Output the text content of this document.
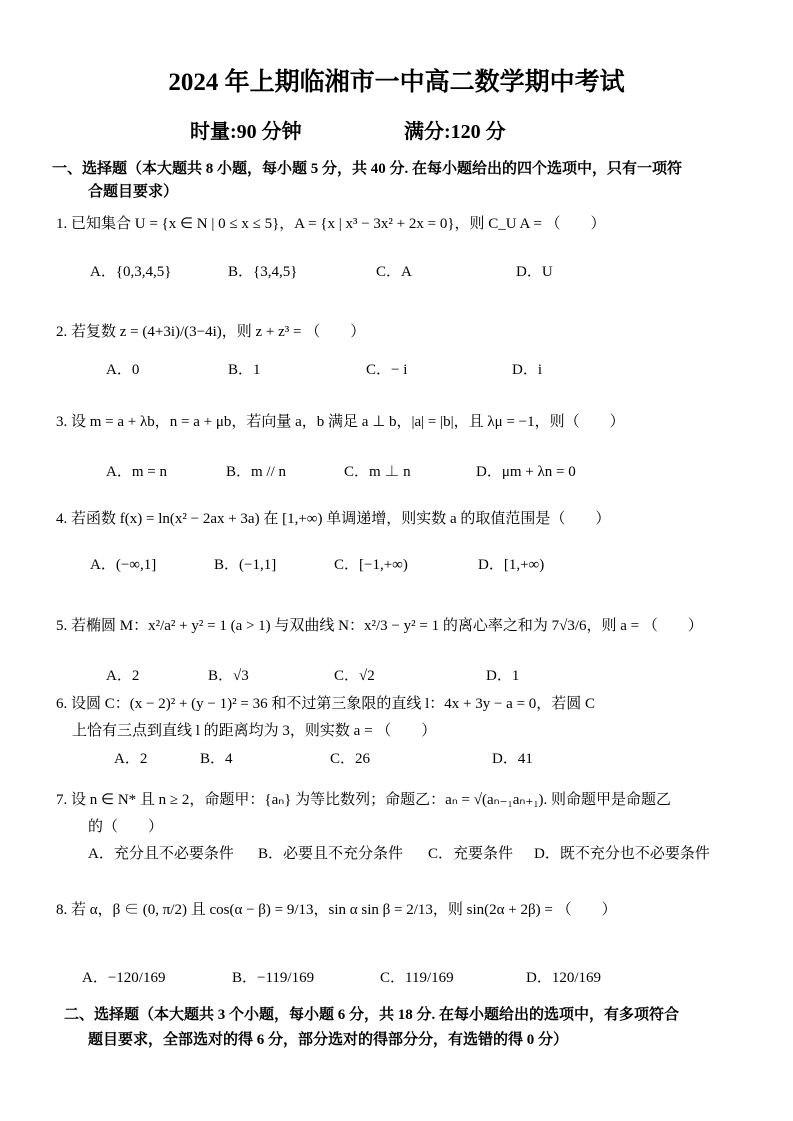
2024 年上期临湘市一中高二数学期中考试
时量:90 分钟	满分:120 分
一、选择题（本大题共 8 小题，每小题 5 分，共 40 分. 在每小题给出的四个选项中，只有一项符
合题目要求）
1. 已知集合 U = {x ∈ N | 0 ≤ x ≤ 5}，A = {x | x³ − 3x² + 2x = 0}，则 C_U A = （　　）
A．{0,3,4,5}	B．{3,4,5}	C．A	D．U
2. 若复数 z = (4+3i)/(3−4i)，则 z + z³ = （　　）
A．0	B．1	C．− i	D．i
3. 设 m = a + λb，n = a + μb，若向量 a，b 满足 a ⊥ b，|a| = |b|，且 λμ = −1，则（　　）
A．m = n	B．m // n	C．m ⊥ n	D．μm + λn = 0
4. 若函数 f(x) = ln(x² − 2ax + 3a) 在 [1,+∞) 单调递增，则实数 a 的取值范围是（　　）
A．(−∞,1]	B．(−1,1]	C．[−1,+∞)	D．[1,+∞)
5. 若椭圆 M：x²/a² + y² = 1 (a > 1) 与双曲线 N：x²/3 − y² = 1 的离心率之和为 7√3/6，则 a = （　　）
A．2	B．√3	C．√2	D．1
6. 设圆 C：(x − 2)² + (y − 1)² = 36 和不过第三象限的直线 l：4x + 3y − a = 0，若圆 C
上恰有三点到直线 l 的距离均为 3，则实数 a = （　　）
A．2	B．4	C．26	D．41
7. 设 n ∈ N* 且 n ≥ 2，命题甲：{aₙ} 为等比数列；命题乙：aₙ = √(aₙ₋₁aₙ₊₁). 则命题甲是命题乙
的（　　）
A．充分且不必要条件 B．必要且不充分条件 C．充要条件 D．既不充分也不必要条件
8. 若 α，β ∈ (0, π/2) 且 cos(α − β) = 9/13，sin α sin β = 2/13，则 sin(2α + 2β) = （　　）
A．−120/169	B．−119/169	C．119/169	D．120/169
二、选择题（本大题共 3 个小题，每小题 6 分，共 18 分. 在每小题给出的选项中，有多项符合
题目要求，全部选对的得 6 分，部分选对的得部分分，有选错的得 0 分）
